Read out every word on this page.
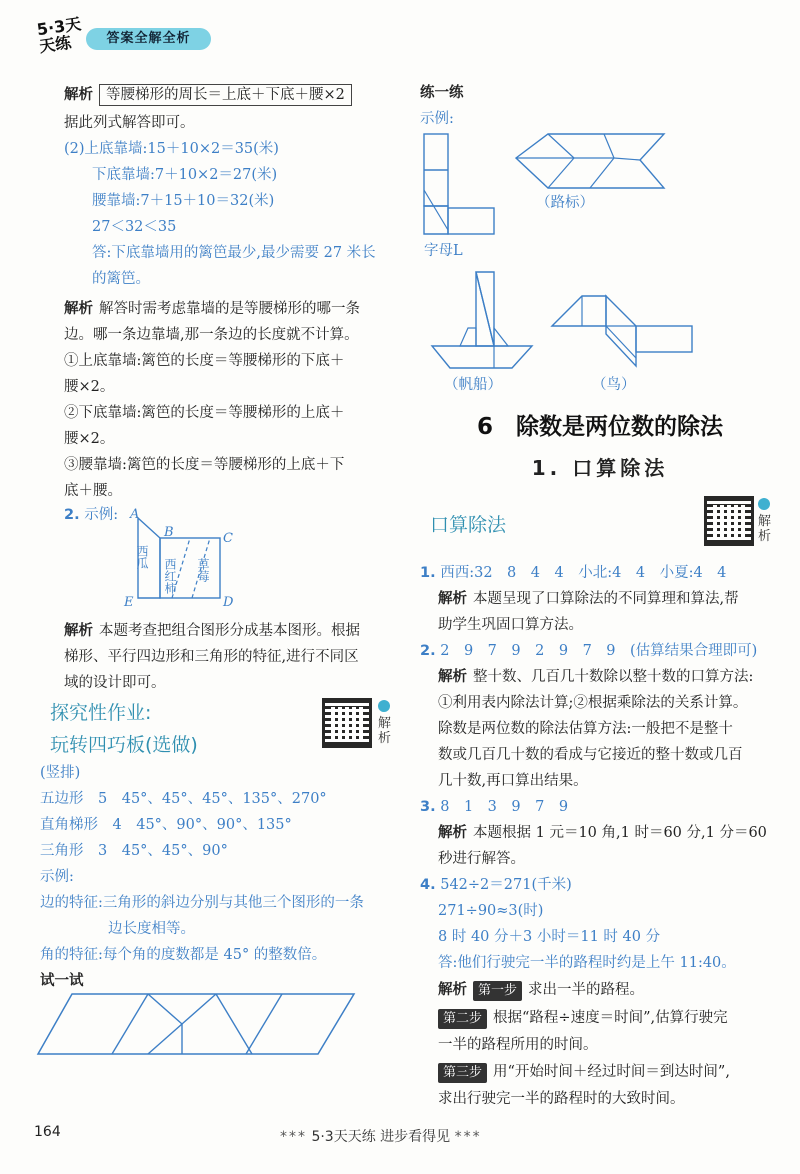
5·3天天练	答案全解全析
解析 等腰梯形的周长＝上底＋下底＋腰×2
据此列式解答即可。
(2)上底靠墙:15＋10×2＝35(米)
下底靠墙:7＋10×2＝27(米)
腰靠墙:7＋15＋10＝32(米)
27＜32＜35
答:下底靠墙用的篱笆最少,最少需要 27 米长
的篱笆。
解析 解答时需考虑靠墙的是等腰梯形的哪一条
边。哪一条边靠墙,那一条边的长度就不计算。
①上底靠墙:篱笆的长度＝等腰梯形的下底＋
腰×2。
②下底靠墙:篱笆的长度＝等腰梯形的上底＋
腰×2。
③腰靠墙:篱笆的长度＝等腰梯形的上底＋下
底＋腰。
2. 示例: A
B	C
D
E
西瓜
西红柿 草莓
解析 本题考查把组合图形分成基本图形。根据
梯形、平行四边形和三角形的特征,进行不同区
域的设计即可。
探究性作业:
玩转四巧板(选做)
解析
(竖排)
五边形　5　45°、45°、45°、135°、270°
直角梯形　4　45°、90°、90°、135°
三角形　3　45°、45°、90°
示例:
边的特征:三角形的斜边分别与其他三个图形的一条
边长度相等。
角的特征:每个角的度数都是 45° 的整数倍。
试一试
练一练
示例:
字母L
（路标）
（帆船）	（鸟）
6　除数是两位数的除法
1. 口算除法
口算除法	解析
1. 西西:32　8　4　4　小北:4　4　小夏:4　4
解析 本题呈现了口算除法的不同算理和算法,帮
助学生巩固口算方法。
2. 2　9　7　9　2　9　7　9　(估算结果合理即可)
解析 整十数、几百几十数除以整十数的口算方法:
①利用表内除法计算;②根据乘除法的关系计算。
除数是两位数的除法估算方法:一般把不是整十
数或几百几十数的看成与它接近的整十数或几百
几十数,再口算出结果。
3. 8　1　3　9　7　9
解析 本题根据 1 元＝10 角,1 时＝60 分,1 分＝60
秒进行解答。
4. 542÷2＝271(千米)
271÷90≈3(时)
8 时 40 分＋3 小时＝11 时 40 分
答:他们行驶完一半的路程时约是上午 11:40。
解析 第一步 求出一半的路程。
第二步 根据“路程÷速度＝时间”,估算行驶完
一半的路程所用的时间。
第三步 用“开始时间＋经过时间＝到达时间”,
求出行驶完一半的路程时的大致时间。
164	*** 5·3天天练 进步看得见 ***
